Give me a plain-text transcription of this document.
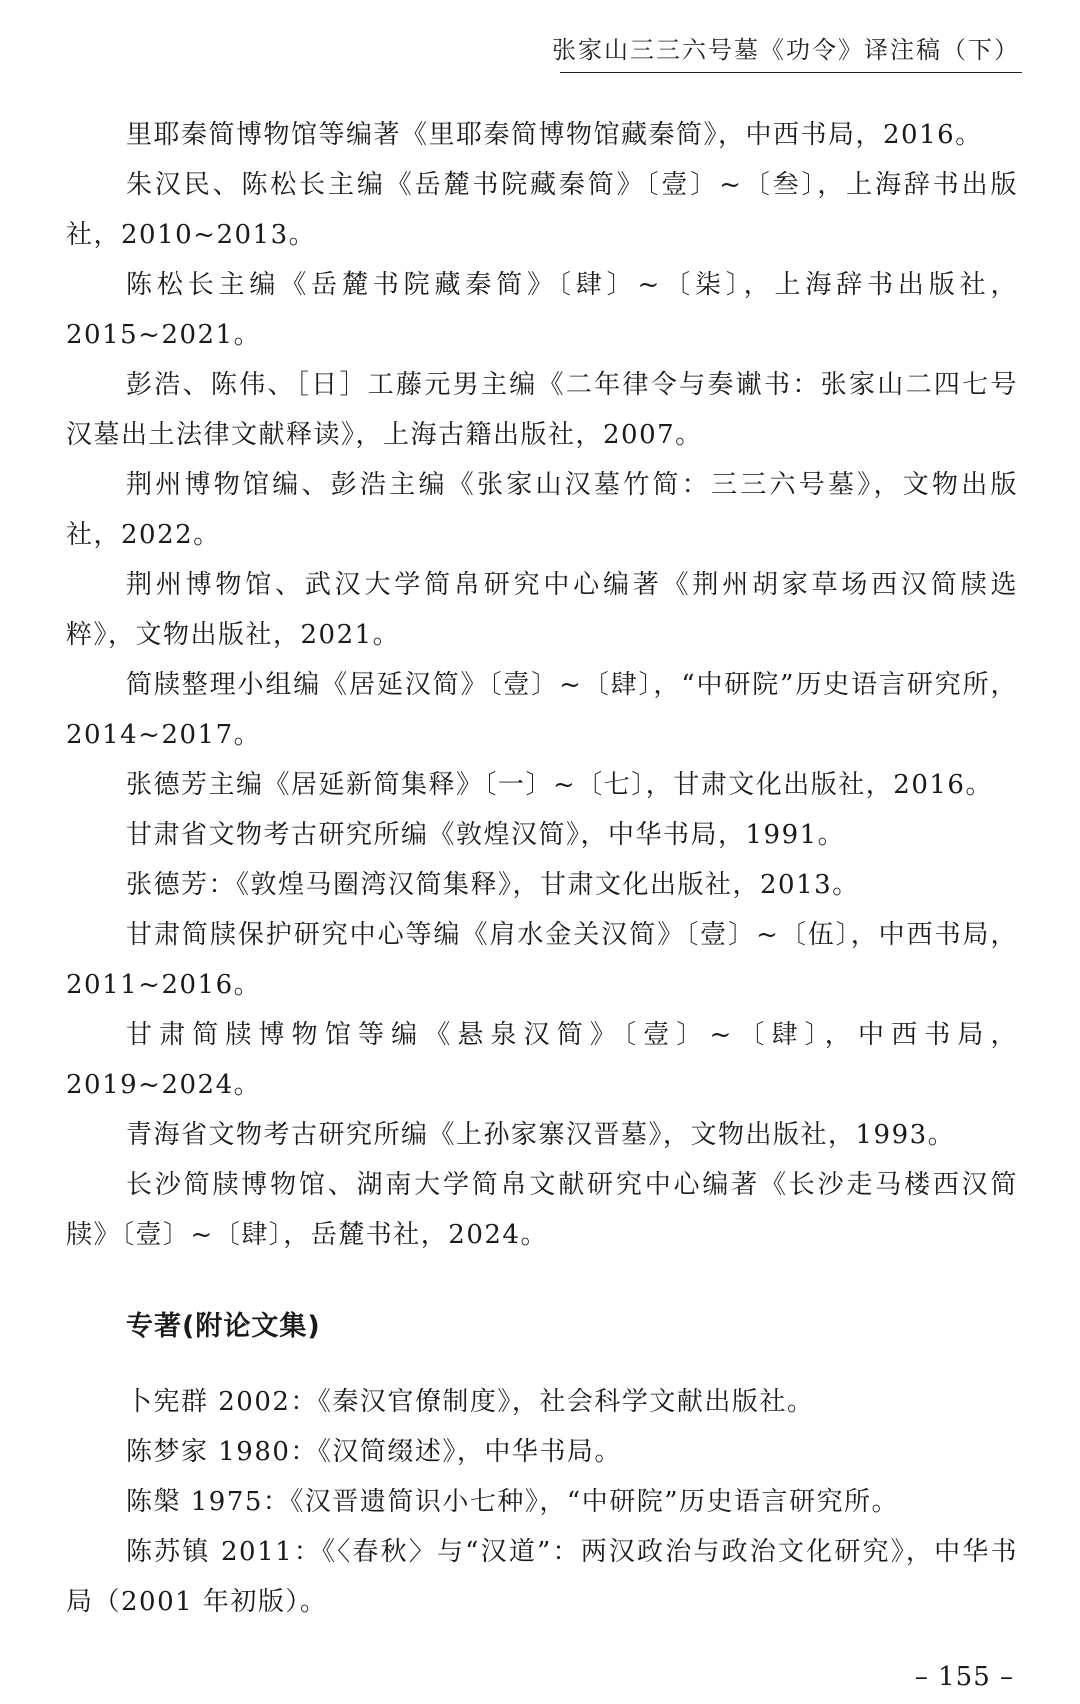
张家山三三六号墓《功令》译注稿（下）

里耶秦简博物馆等编著《里耶秦简博物馆藏秦简》，中西书局，2016。

朱汉民、陈松长主编《岳麓书院藏秦简》〔壹〕~〔叁〕，上海辞书出版社，2010~2013。

陈松长主编《岳麓书院藏秦简》〔肆〕~〔柒〕，上海辞书出版社，2015~2021。

彭浩、陈伟、［日］工藤元男主编《二年律令与奏谳书：张家山二四七号汉墓出土法律文献释读》，上海古籍出版社，2007。

荆州博物馆编、彭浩主编《张家山汉墓竹简：三三六号墓》，文物出版社，2022。

荆州博物馆、武汉大学简帛研究中心编著《荆州胡家草场西汉简牍选粹》，文物出版社，2021。

简牍整理小组编《居延汉简》〔壹〕~〔肆〕，“中研院”历史语言研究所，2014~2017。

张德芳主编《居延新简集释》〔一〕~〔七〕，甘肃文化出版社，2016。

甘肃省文物考古研究所编《敦煌汉简》，中华书局，1991。

张德芳：《敦煌马圈湾汉简集释》，甘肃文化出版社，2013。

甘肃简牍保护研究中心等编《肩水金关汉简》〔壹〕~〔伍〕，中西书局，2011~2016。

甘肃简牍博物馆等编《悬泉汉简》〔壹〕~〔肆〕，中西书局，2019~2024。

青海省文物考古研究所编《上孙家寨汉晋墓》，文物出版社，1993。

长沙简牍博物馆、湖南大学简帛文献研究中心编著《长沙走马楼西汉简牍》〔壹〕~〔肆〕，岳麓书社，2024。

专著(附论文集)

卜宪群 2002：《秦汉官僚制度》，社会科学文献出版社。

陈梦家 1980：《汉简缀述》，中华书局。

陈槃 1975：《汉晋遗简识小七种》，“中研院”历史语言研究所。

陈苏镇 2011：《〈春秋〉与“汉道”：两汉政治与政治文化研究》，中华书局（2001 年初版）。

– 155 –
